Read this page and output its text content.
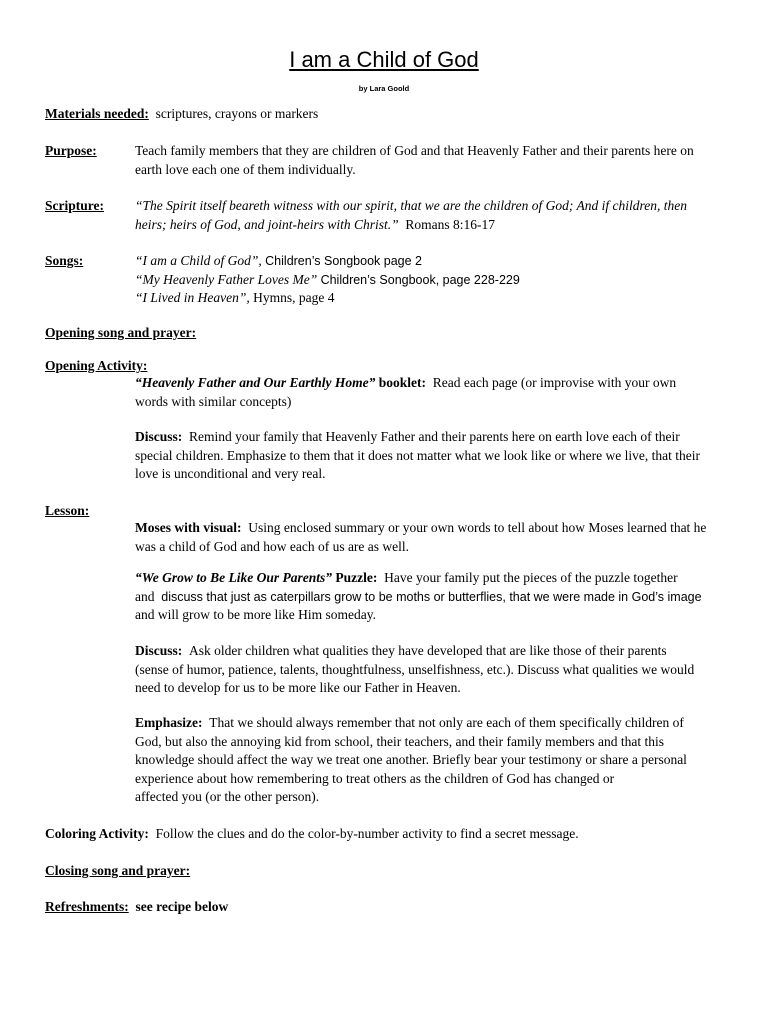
I am a Child of God
by Lara Goold
Materials needed: scriptures, crayons or markers
Purpose:	Teach family members that they are children of God and that Heavenly Father and their parents here on
earth love each one of them individually.
Scripture: “The Spirit itself beareth witness with our spirit, that we are the children of God; And if children, then
heirs; heirs of God, and joint-heirs with Christ.” Romans 8:16-17
Songs:	“I am a Child of God”, Children’s Songbook page 2
“My Heavenly Father Loves Me” Children’s Songbook, page 228-229
“I Lived in Heaven”, Hymns, page 4
Opening song and prayer:
Opening Activity:
“Heavenly Father and Our Earthly Home” booklet: Read each page (or improvise with your own
words with similar concepts)
Discuss: Remind your family that Heavenly Father and their parents here on earth love each of their
special children. Emphasize to them that it does not matter what we look like or where we live, that their
love is unconditional and very real.
Lesson:
Moses with visual: Using enclosed summary or your own words to tell about how Moses learned that he
was a child of God and how each of us are as well.
“We Grow to Be Like Our Parents” Puzzle: Have your family put the pieces of the puzzle together
and discuss that just as caterpillars grow to be moths or butterflies, that we were made in God’s image
and will grow to be more like Him someday.
Discuss: Ask older children what qualities they have developed that are like those of their parents
(sense of humor, patience, talents, thoughtfulness, unselfishness, etc.). Discuss what qualities we would
need to develop for us to be more like our Father in Heaven.
Emphasize: That we should always remember that not only are each of them specifically children of
God, but also the annoying kid from school, their teachers, and their family members and that this
knowledge should affect the way we treat one another. Briefly bear your testimony or share a personal
experience about how remembering to treat others as the children of God has changed or
affected you (or the other person).
Coloring Activity: Follow the clues and do the color-by-number activity to find a secret message.
Closing song and prayer:
Refreshments: see recipe below
